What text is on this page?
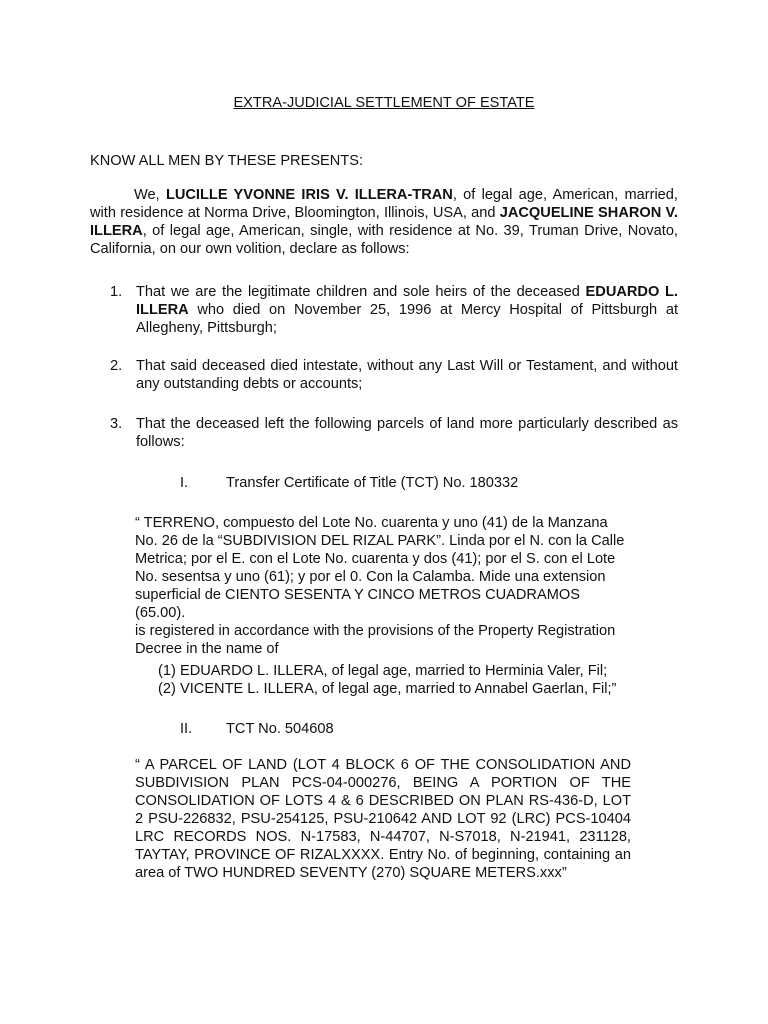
EXTRA-JUDICIAL SETTLEMENT OF ESTATE
KNOW ALL MEN BY THESE PRESENTS:
We, LUCILLE YVONNE IRIS V. ILLERA-TRAN, of legal age, American, married, with residence at Norma Drive, Bloomington, Illinois, USA, and JACQUELINE SHARON V. ILLERA, of legal age, American, single, with residence at No. 39, Truman Drive, Novato, California, on our own volition, declare as follows:
1. That we are the legitimate children and sole heirs of the deceased EDUARDO L. ILLERA who died on November 25, 1996 at Mercy Hospital of Pittsburgh at Allegheny, Pittsburgh;
2. That said deceased died intestate, without any Last Will or Testament, and without any outstanding debts or accounts;
3. That the deceased left the following parcels of land more particularly described as follows:
I.	Transfer Certificate of Title (TCT) No. 180332
“ TERRENO, compuesto del Lote No. cuarenta y uno (41) de la Manzana No. 26 de la “SUBDIVISION DEL RIZAL PARK”. Linda por el N. con la Calle Metrica; por el E. con el Lote No. cuarenta y dos (41); por el S. con el Lote No. sesentsa y uno (61); y por el 0. Con la Calamba. Mide una extension superficial de CIENTO SESENTA Y CINCO METROS CUADRAMOS (65.00).
is registered in accordance with the provisions of the Property Registration Decree in the name of
(1) EDUARDO L. ILLERA, of legal age, married to Herminia Valer, Fil;
(2) VICENTE L. ILLERA, of legal age, married to Annabel Gaerlan, Fil;”
II.	TCT No. 504608
“ A PARCEL OF LAND (LOT 4 BLOCK 6 OF THE CONSOLIDATION AND SUBDIVISION PLAN PCS-04-000276, BEING A PORTION OF THE CONSOLIDATION OF LOTS 4 & 6 DESCRIBED ON PLAN RS-436-D, LOT 2 PSU-226832, PSU-254125, PSU-210642 AND LOT 92 (LRC) PCS-10404 LRC RECORDS NOS. N-17583, N-44707, N-S7018, N-21941, 231128, TAYTAY, PROVINCE OF RIZALXXXX. Entry No. of beginning, containing an area of TWO HUNDRED SEVENTY (270) SQUARE METERS.xxx”
